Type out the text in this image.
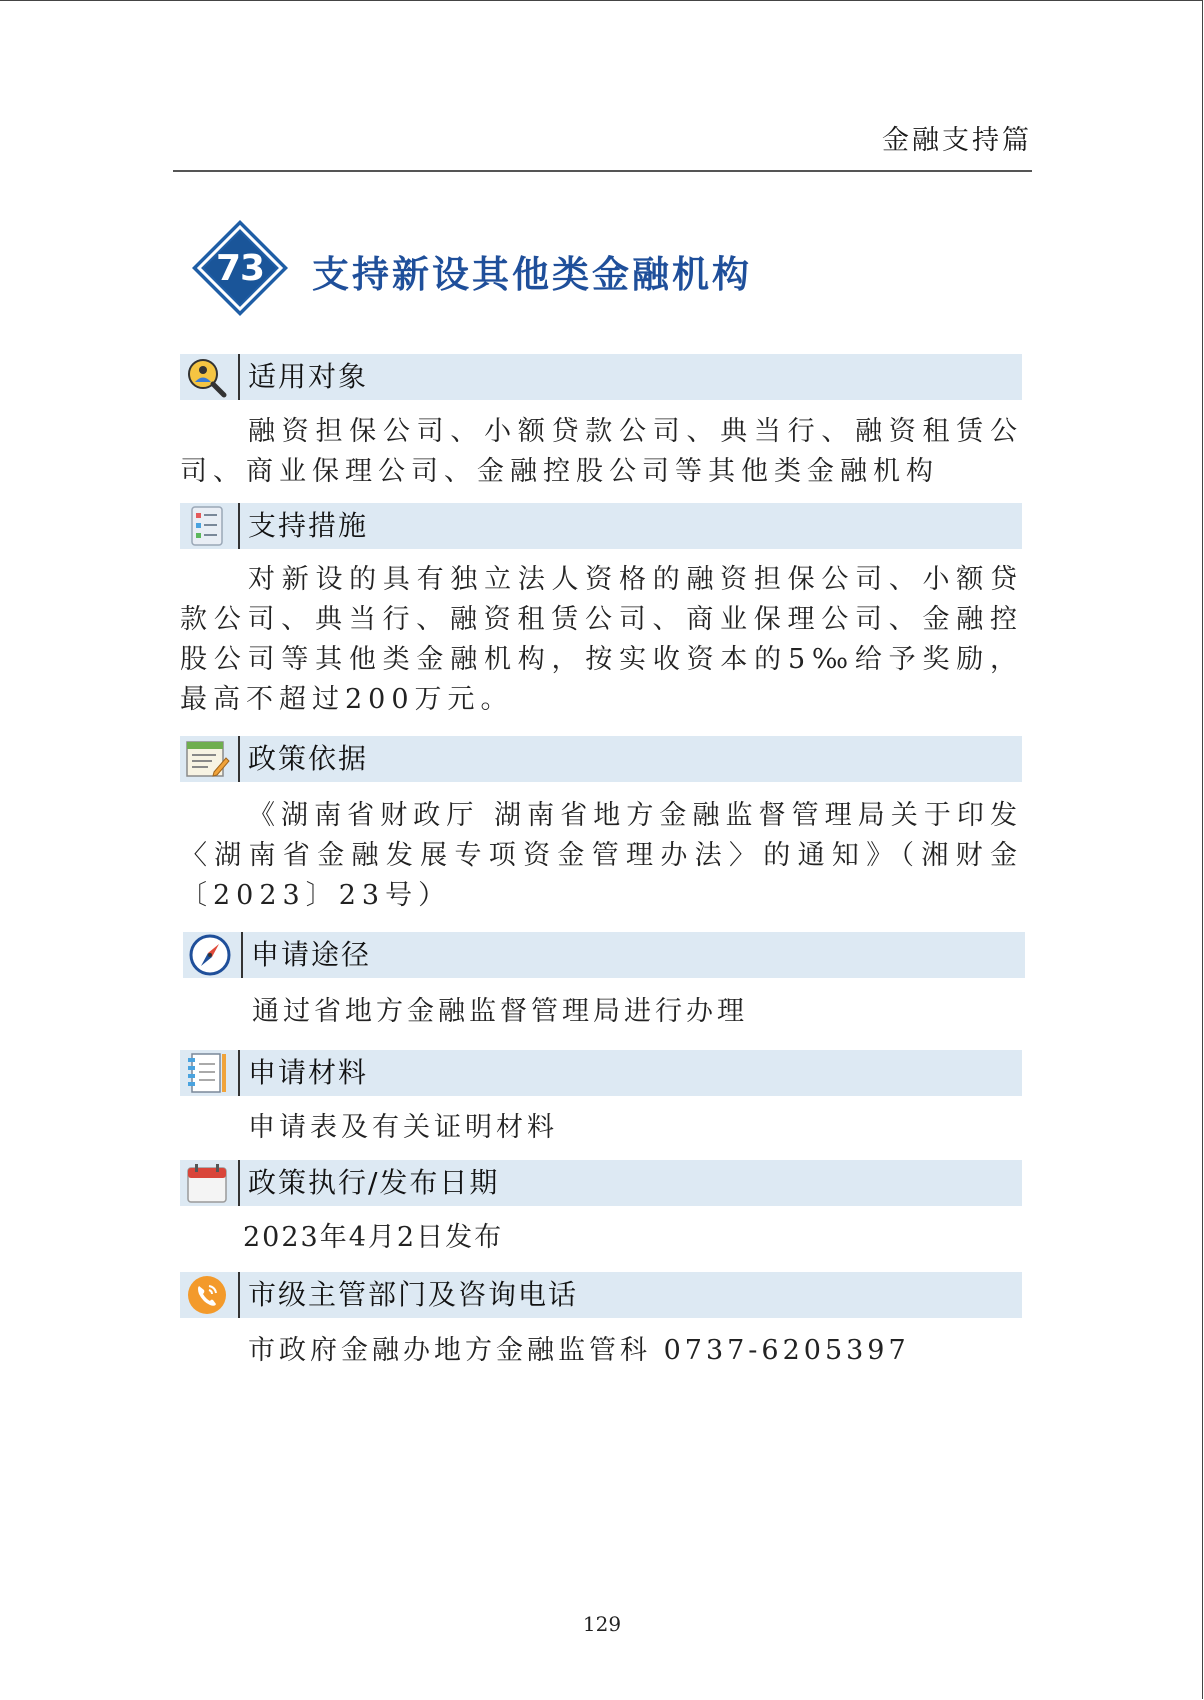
金融支持篇
73	支持新设其他类金融机构
适用对象
融资担保公司、小额贷款公司、典当行、融资租赁公司、商业保理公司、金融控股公司等其他类金融机构
支持措施
对新设的具有独立法人资格的融资担保公司、小额贷款公司、典当行、融资租赁公司、商业保理公司、金融控股公司等其他类金融机构，按实收资本的5‰给予奖励，最高不超过200万元。
政策依据
《湖南省财政厅 湖南省地方金融监督管理局关于印发〈湖南省金融发展专项资金管理办法〉的通知》（湘财金〔2023〕23号）
申请途径
通过省地方金融监督管理局进行办理
申请材料
申请表及有关证明材料
政策执行/发布日期
2023年4月2日发布
市级主管部门及咨询电话
市政府金融办地方金融监管科 0737-6205397
129
